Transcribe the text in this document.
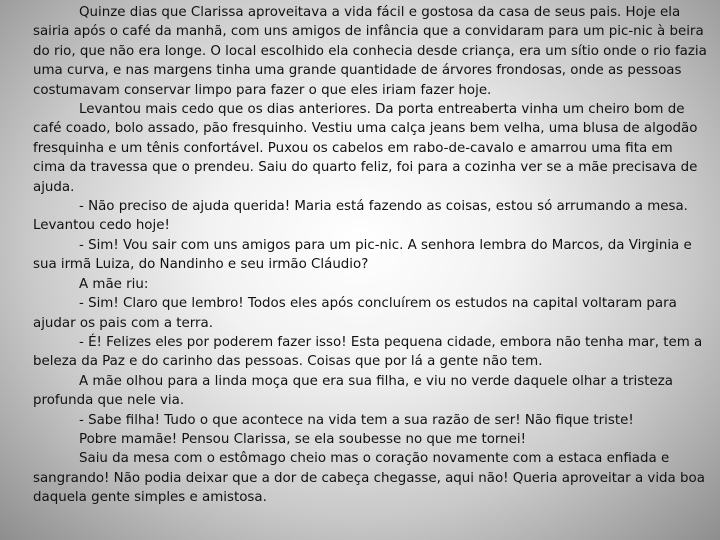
Quinze dias que Clarissa aproveitava a vida fácil e gostosa da casa de seus pais. Hoje ela sairia após o café da manhã, com uns amigos de infância que a convidaram para um pic-nic à beira do rio, que não era longe. O local escolhido ela conhecia desde criança, era um sítio onde o rio fazia uma curva, e nas margens tinha uma grande quantidade de árvores frondosas, onde as pessoas costumavam conservar limpo para fazer o que eles iriam fazer hoje.

Levantou mais cedo que os dias anteriores. Da porta entreaberta vinha um cheiro bom de café coado, bolo assado, pão fresquinho. Vestiu uma calça jeans bem velha, uma blusa de algodão fresquinha e um tênis confortável. Puxou os cabelos em rabo-de-cavalo e amarrou uma fita em cima da travessa que o prendeu. Saiu do quarto feliz, foi para a cozinha ver se a mãe precisava de ajuda.

- Não preciso de ajuda querida! Maria está fazendo as coisas, estou só arrumando a mesa. Levantou cedo hoje!

- Sim! Vou sair com uns amigos para um pic-nic. A senhora lembra do Marcos, da Virginia e sua irmã Luiza, do Nandinho e seu irmão Cláudio?

A mãe riu:

- Sim! Claro que lembro! Todos eles após concluírem os estudos na capital voltaram para ajudar os pais com a terra.

- É! Felizes eles por poderem fazer isso! Esta pequena cidade, embora não tenha mar, tem a beleza da Paz e do carinho das pessoas. Coisas que por lá a gente não tem.

A mãe olhou para a linda moça que era sua filha, e viu no verde daquele olhar a tristeza profunda que nele via.

- Sabe filha! Tudo o que acontece na vida tem a sua razão de ser! Não fique triste!

Pobre mamãe! Pensou Clarissa, se ela soubesse no que me tornei!

Saiu da mesa com o estômago cheio mas o coração novamente com a estaca enfiada e sangrando! Não podia deixar que a dor de cabeça chegasse, aqui não! Queria aproveitar a vida boa daquela gente simples e amistosa.
